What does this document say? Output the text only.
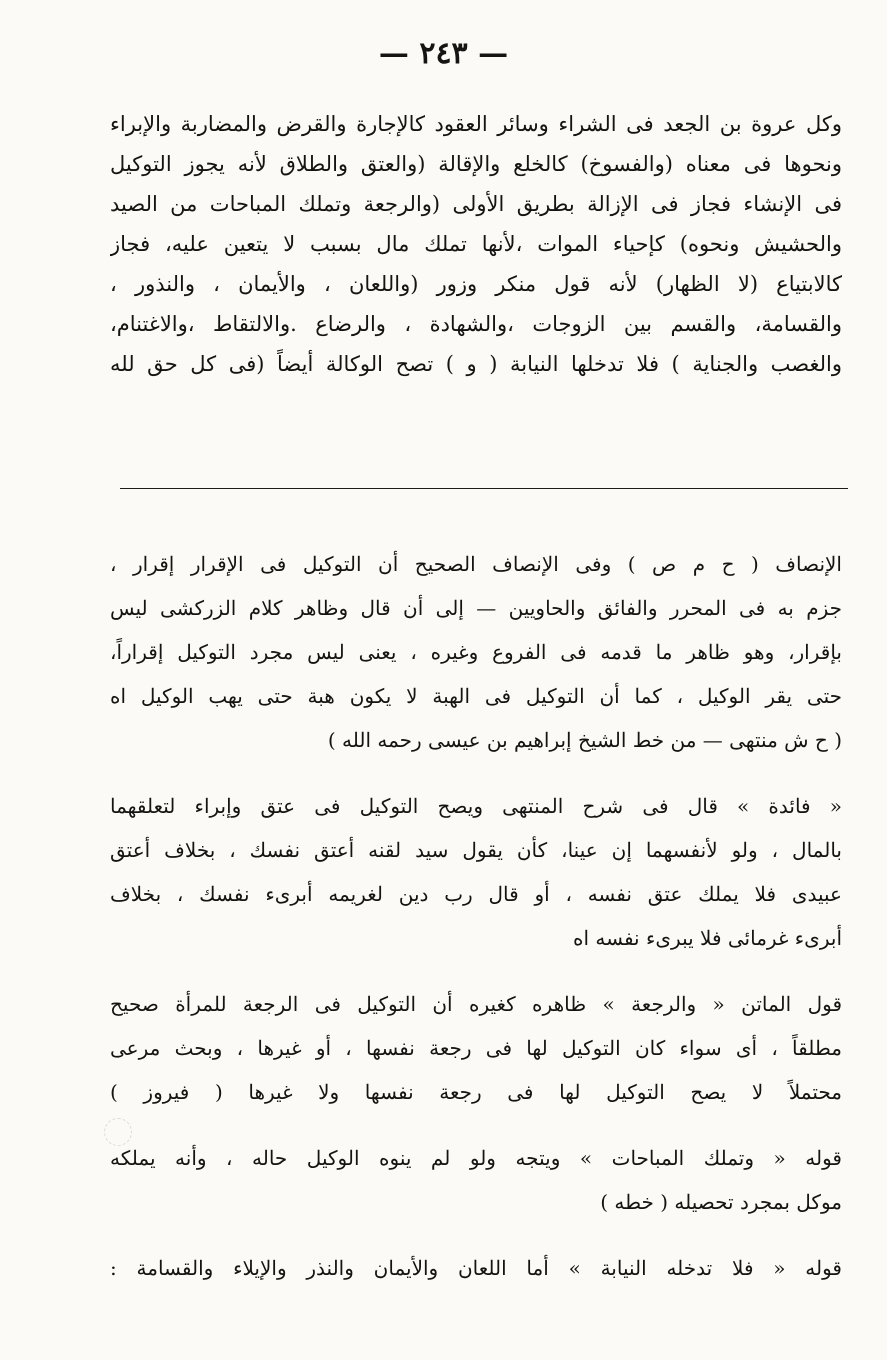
— ٢٤٣ —
وكل عروة بن الجعد فى الشراء وسائر العقود كالإجارة والقرض والمضاربة والإبراء
ونحوها فى معناه (والفسوخ) كالخلع والإقالة (والعتق والطلاق لأنه يجوز التوكيل
فى الإنشاء فجاز فى الإزالة بطريق الأولى (والرجعة وتملك المباحات من الصيد
والحشيش ونحوه) كإحياء الموات ،لأنها تملك مال بسبب لا يتعين عليه، فجاز
كالابتياع (لا الظهار) لأنه قول منكر وزور (واللعان ، والأيمان ، والنذور ،
والقسامة، والقسم بين الزوجات ،والشهادة ، والرضاع .والالتقاط ،والاغتنام،
والغصب والجناية ) فلا تدخلها النيابة ( و ) تصح الوكالة أيضاً (فى كل حق لله
الإنصاف ( ح م ص ) وفى الإنصاف الصحيح أن التوكيل فى الإقرار إقرار ،
جزم به فى المحرر والفائق والحاويين — إلى أن قال وظاهر كلام الزركشى ليس
بإقرار، وهو ظاهر ما قدمه فى الفروع وغيره ، يعنى ليس مجرد التوكيل إقراراً،
حتى يقر الوكيل ، كما أن التوكيل فى الهبة لا يكون هبة حتى يهب الوكيل اه
( ح ش منتهى — من خط الشيخ إبراهيم بن عيسى رحمه الله )
« فائدة » قال فى شرح المنتهى ويصح التوكيل فى عتق وإبراء لتعلقهما
بالمال ، ولو لأنفسهما إن عينا، كأن يقول سيد لقنه أعتق نفسك ، بخلاف أعتق
عبيدى فلا يملك عتق نفسه ، أو قال رب دين لغريمه أبرىء نفسك ، بخلاف
أبرىء غرمائى فلا يبرىء نفسه اه
قول الماتن « والرجعة » ظاهره كغيره أن التوكيل فى الرجعة للمرأة صحيح
مطلقاً ، أى سواء كان التوكيل لها فى رجعة نفسها ، أو غيرها ، وبحث مرعى
محتملاً لا يصح التوكيل لها فى رجعة نفسها ولا غيرها ( فيروز )
قوله « وتملك المباحات » ويتجه ولو لم ينوه الوكيل حاله ، وأنه يملكه
موكل بمجرد تحصيله ( خطه )
قوله « فلا تدخله النيابة » أما اللعان والأيمان والنذر والإيلاء والقسامة :
